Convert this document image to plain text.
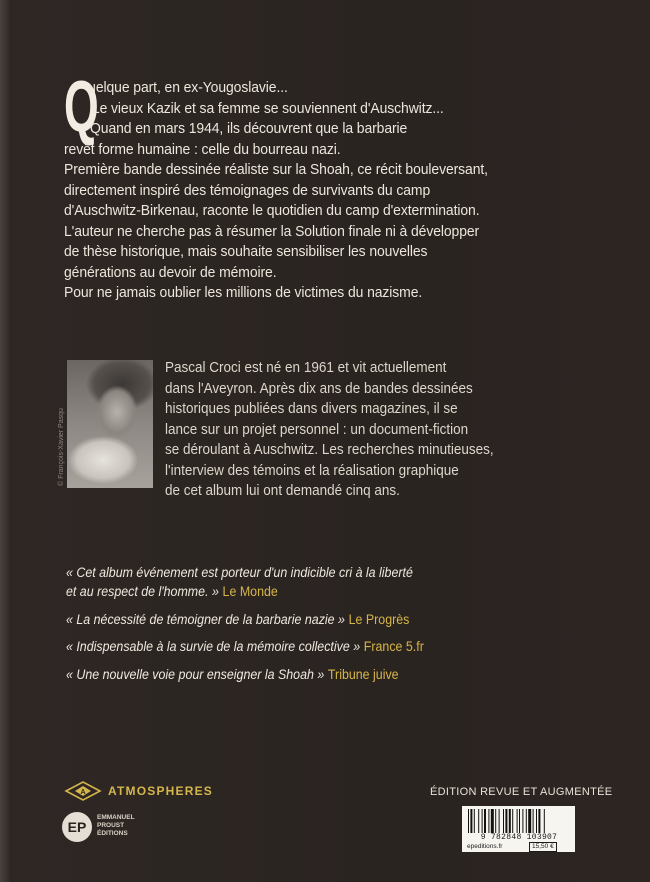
Q
uelque part, en ex-Yougoslavie...
Le vieux Kazik et sa femme se souviennent d'Auschwitz...
Quand en mars 1944, ils découvrent que la barbarie
revêt forme humaine : celle du bourreau nazi.
Première bande dessinée réaliste sur la Shoah, ce récit bouleversant,
directement inspiré des témoignages de survivants du camp
d'Auschwitz-Birkenau, raconte le quotidien du camp d'extermination.
L'auteur ne cherche pas à résumer la Solution finale ni à développer
de thèse historique, mais souhaite sensibiliser les nouvelles
générations au devoir de mémoire.
Pour ne jamais oublier les millions de victimes du nazisme.
© François-Xavier Pasqu
Pascal Croci est né en 1961 et vit actuellement
dans l'Aveyron. Après dix ans de bandes dessinées
historiques publiées dans divers magazines, il se
lance sur un projet personnel : un document-fiction
se déroulant à Auschwitz. Les recherches minutieuses,
l'interview des témoins et la réalisation graphique
de cet album lui ont demandé cinq ans.
« Cet album événement est porteur d'un indicible cri à la liberté
et au respect de l'homme. » Le Monde
« La nécessité de témoigner de la barbarie nazie » Le Progrès
« Indispensable à la survie de la mémoire collective » France 5.fr
« Une nouvelle voie pour enseigner la Shoah » Tribune juive
A ATMOSPHERES	ÉDITION REVUE ET AUGMENTÉE
EP
EMMANUEL
PROUST
ÉDITIONS	9 782848 103907
epeditions.fr	15,50 €
